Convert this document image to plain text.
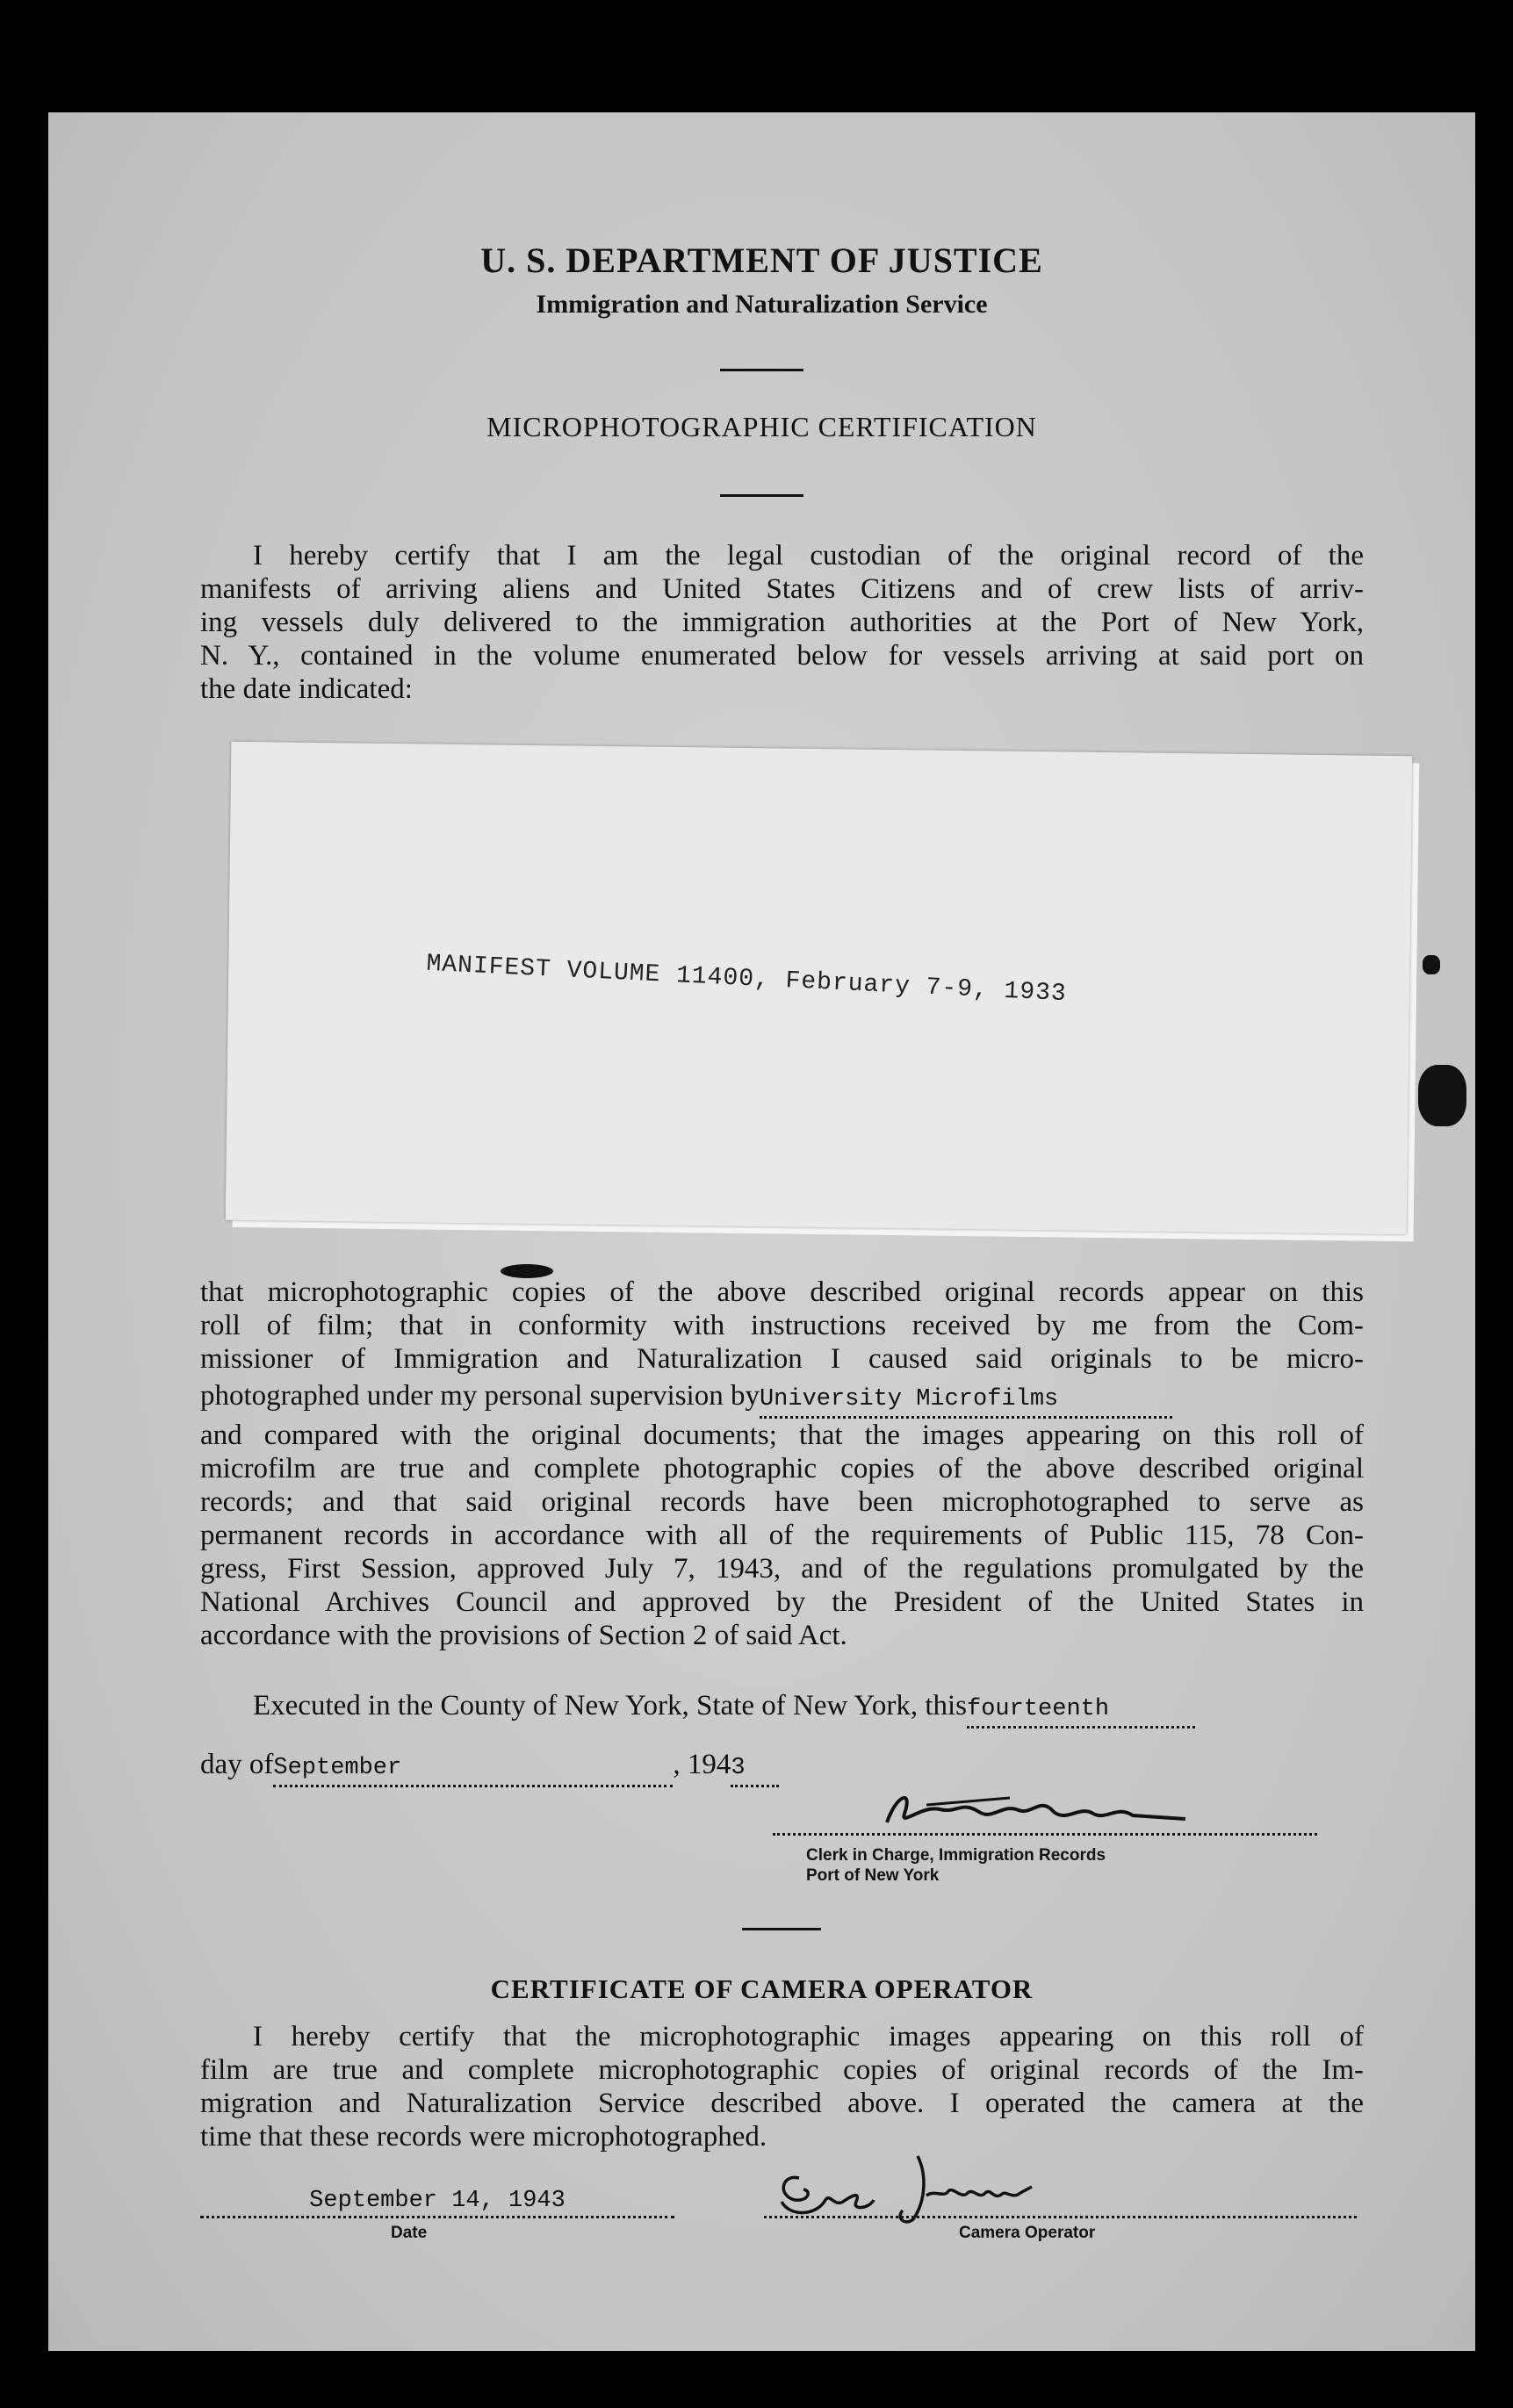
U. S. DEPARTMENT OF JUSTICE
Immigration and Naturalization Service
MICROPHOTOGRAPHIC CERTIFICATION
I hereby certify that I am the legal custodian of the original record of the
manifests of arriving aliens and United States Citizens and of crew lists of arriv-
ing vessels duly delivered to the immigration authorities at the Port of New York,
N. Y., contained in the volume enumerated below for vessels arriving at said port on
the date indicated:
MANIFEST VOLUME 11400, February 7-9, 1933
that microphotographic copies of the above described original records appear on this
roll of film; that in conformity with instructions received by me from the Com-
missioner of Immigration and Naturalization I caused said originals to be micro-
photographed under my personal supervision byUniversity Microfilms
and compared with the original documents; that the images appearing on this roll of
microfilm are true and complete photographic copies of the above described original
records; and that said original records have been microphotographed to serve as
permanent records in accordance with all of the requirements of Public 115, 78 Con-
gress, First Session, approved July 7, 1943, and of the regulations promulgated by the
National Archives Council and approved by the President of the United States in
accordance with the provisions of Section 2 of said Act.
Executed in the County of New York, State of New York, thisfourteenth
day ofSeptember	, 1943
Clerk in Charge, Immigration Records
Port of New York
CERTIFICATE OF CAMERA OPERATOR
I hereby certify that the microphotographic images appearing on this roll of
film are true and complete microphotographic copies of original records of the Im-
migration and Naturalization Service described above. I operated the camera at the
time that these records were microphotographed.
September 14, 1943
Date	Camera Operator
